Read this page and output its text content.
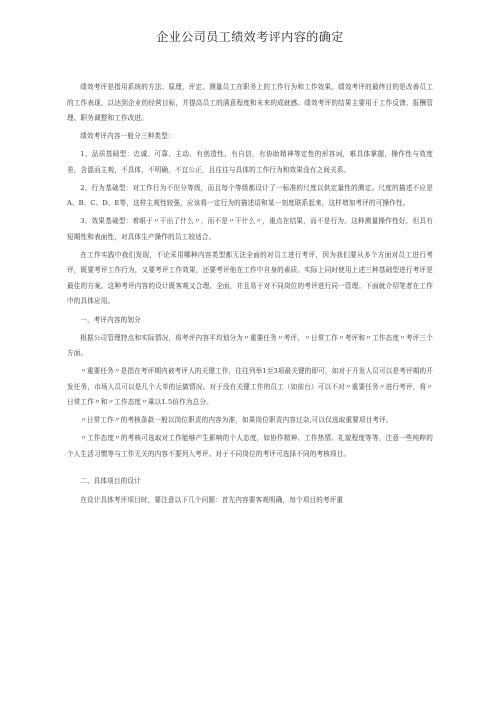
企业公司员工绩效考评内容的确定

绩效考评是指用系统的方法、原理，评定、测量员工在职务上的工作行为和工作效果。绩效考评的最终目的是改善员工的工作表现，以达到企业的经营目标，并提高员工的满意程度和未来的成就感。绩效考评的结果主要用于工作反馈、报酬管理、职务调整和工作改进。

绩效考评内容一般分三种类型：

1、品质基础型：忠诚、可靠、主动、有创造性、有自信，有协助精神等定性的形容词，难具体掌握，操作性与效度差，含混而主观，不具体，不明确，不宜公正，且往往与具体的工作行为和效果没有之间关系。

2、行为基础型：对工作行为不但分等级，而且每个等级都设计了一标准的尺度以供定量性的测定。尺度的描述不应是A、B、C、D、E等，这样主观性较强，应该将一定行为的描述语和某一刻度联系起来，这样增加考评的可操作性。

3、效果基础型：着眼于〃干出了什么〃，而不是〃干什么〃，重点在结果，而不是行为。这种测量操作性好，但具有短期性和表面性，对具体生产操作的员工较适合。

在工作实践中我们发现，不论采用哪种内容类型都无法全面的对员工进行考评，因为我们要从多个方面对员工进行考评，既要考评工作行为，又要考评工作效果，还要考评他在工作中自身的素质。实际上同时使用上述三种基础型进行考评是最佳的方案。这种考评内容的设计既客观又合理、全面，并且易于对不同岗位的考评进行同一管理。下面就介绍笔者在工作中的具体应用。

一、考评内容的划分

根据公司管理特点和实际情况，将考评内容平均划分为〃重要任务〃考评、〃日常工作〃考评和〃工作态度〃考评三个方面。

〃重要任务〃是指在考评期内被考评人的关键工作，往往列举1至3项最关键的即可，如对于开发人员可以是考评期的开发任务，市场人员可以是几个大单的运做情况。对于没有关键工作的员工（如前台）可以不对〃重要任务〃进行考评，将〃日常工作〃和〃工作态度〃乘以1.5倍作为总分。

〃日常工作〃的考核条款一般以岗位职责的内容为准，如果岗位职责内容过杂,可以仅选取重要项目考评。

〃工作态度〃的考核可选取对工作能够产生影响的个人态度，如协作精神、工作热情、礼貌程度等等，注意一些纯粹的个人生活习惯等与工作无关的内容不要列入考评。对于不同岗位的考评可选择不同的考核项目。

二、具体项目的设计

在设计具体考评项目时，要注意以下几个问题：首先内容要客观明确，每个项目的考评重
